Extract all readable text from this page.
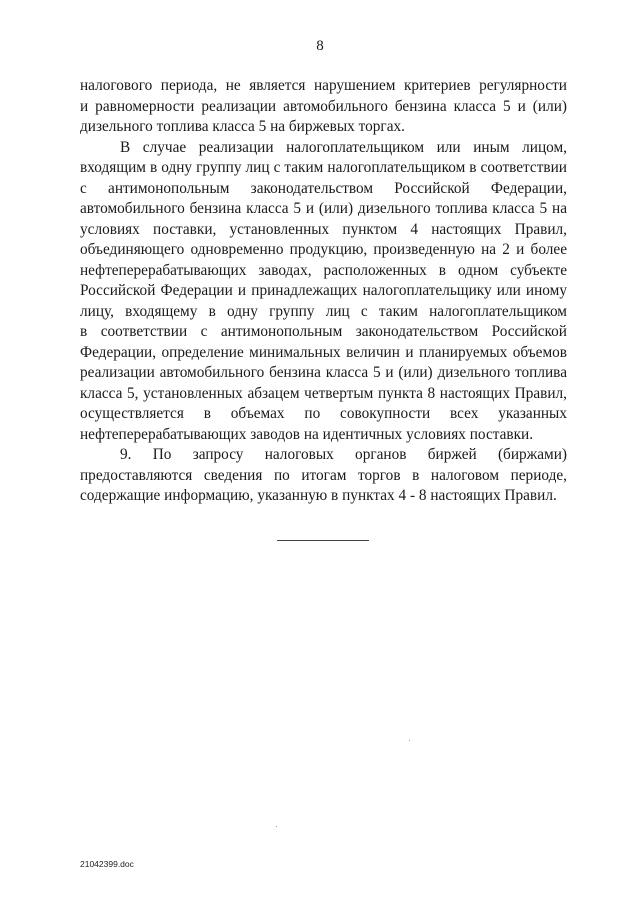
8
налогового периода, не является нарушением критериев регулярности
и равномерности реализации автомобильного бензина класса 5 и (или)
дизельного топлива класса 5 на биржевых торгах.
В случае реализации налогоплательщиком или иным лицом,
входящим в одну группу лиц с таким налогоплательщиком в соответствии
с антимонопольным законодательством Российской Федерации,
автомобильного бензина класса 5 и (или) дизельного топлива класса 5 на
условиях поставки, установленных пунктом 4 настоящих Правил,
объединяющего одновременно продукцию, произведенную на 2 и более
нефтеперерабатывающих заводах, расположенных в одном субъекте
Российской Федерации и принадлежащих налогоплательщику или иному
лицу, входящему в одну группу лиц с таким налогоплательщиком
в соответствии с антимонопольным законодательством Российской
Федерации, определение минимальных величин и планируемых объемов
реализации автомобильного бензина класса 5 и (или) дизельного топлива
класса 5, установленных абзацем четвертым пункта 8 настоящих Правил,
осуществляется в объемах по совокупности всех указанных
нефтеперерабатывающих заводов на идентичных условиях поставки.
9. По запросу налоговых органов биржей (биржами)
предоставляются сведения по итогам торгов в налоговом периоде,
содержащие информацию, указанную в пунктах 4 - 8 настоящих Правил.
21042399.doc
